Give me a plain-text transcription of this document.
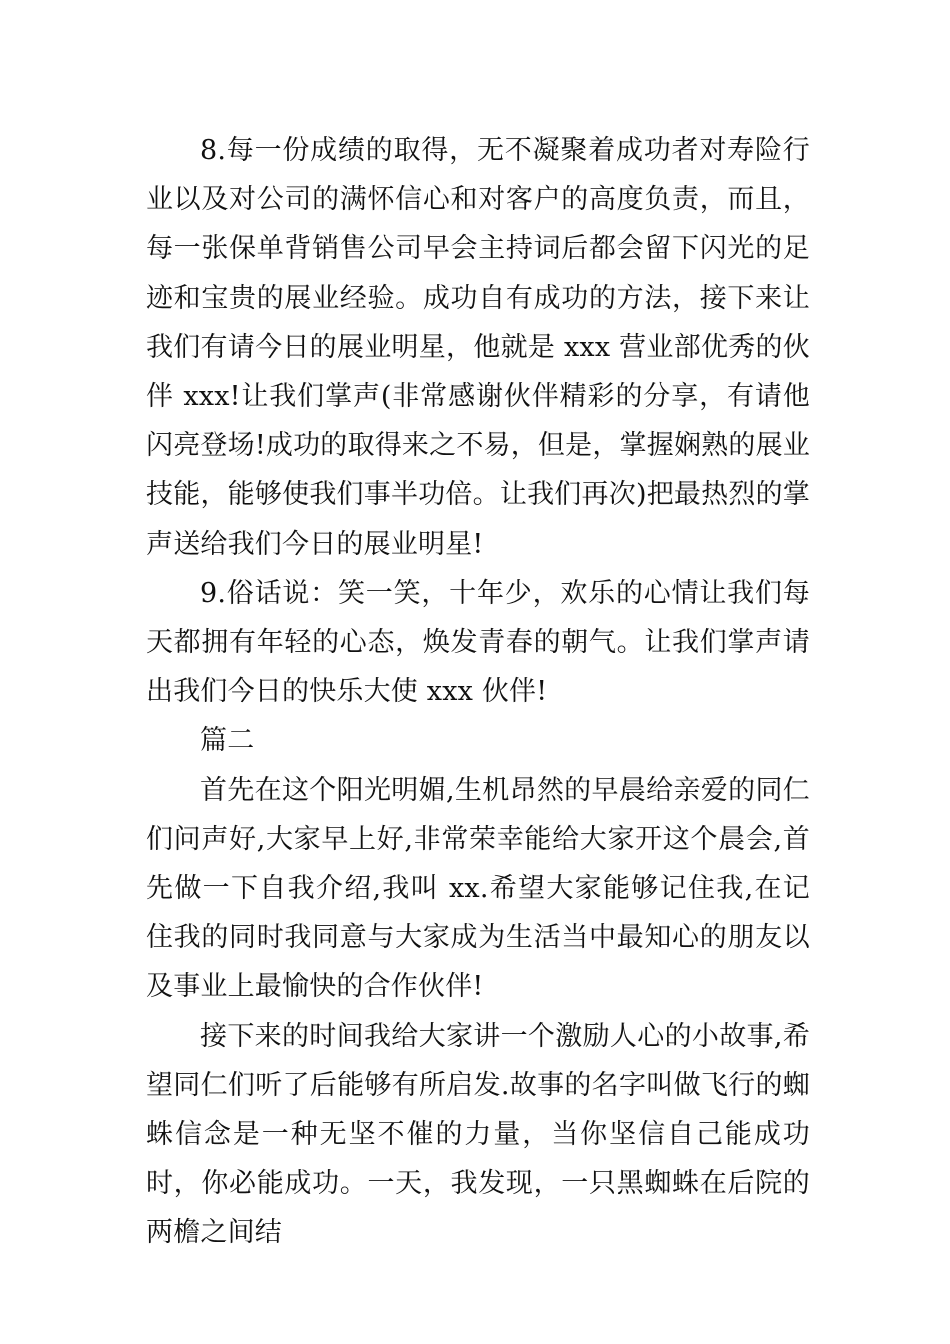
8.每一份成绩的取得，无不凝聚着成功者对寿险行业以及对公司的满怀信心和对客户的高度负责，而且，每一张保单背销售公司早会主持词后都会留下闪光的足迹和宝贵的展业经验。成功自有成功的方法，接下来让我们有请今日的展业明星，他就是 xxx 营业部优秀的伙伴 xxx!让我们掌声(非常感谢伙伴精彩的分享，有请他闪亮登场!成功的取得来之不易，但是，掌握娴熟的展业技能，能够使我们事半功倍。让我们再次)把最热烈的掌声送给我们今日的展业明星!

9.俗话说：笑一笑，十年少，欢乐的心情让我们每天都拥有年轻的心态，焕发青春的朝气。让我们掌声请出我们今日的快乐大使 xxx 伙伴!

篇二

首先在这个阳光明媚,生机昂然的早晨给亲爱的同仁们问声好,大家早上好,非常荣幸能给大家开这个晨会,首先做一下自我介绍,我叫 xx.希望大家能够记住我,在记住我的同时我同意与大家成为生活当中最知心的朋友以及事业上最愉快的合作伙伴!

接下来的时间我给大家讲一个激励人心的小故事,希望同仁们听了后能够有所启发.故事的名字叫做飞行的蜘蛛信念是一种无坚不催的力量，当你坚信自己能成功时，你必能成功。一天，我发现，一只黑蜘蛛在后院的两檐之间结
